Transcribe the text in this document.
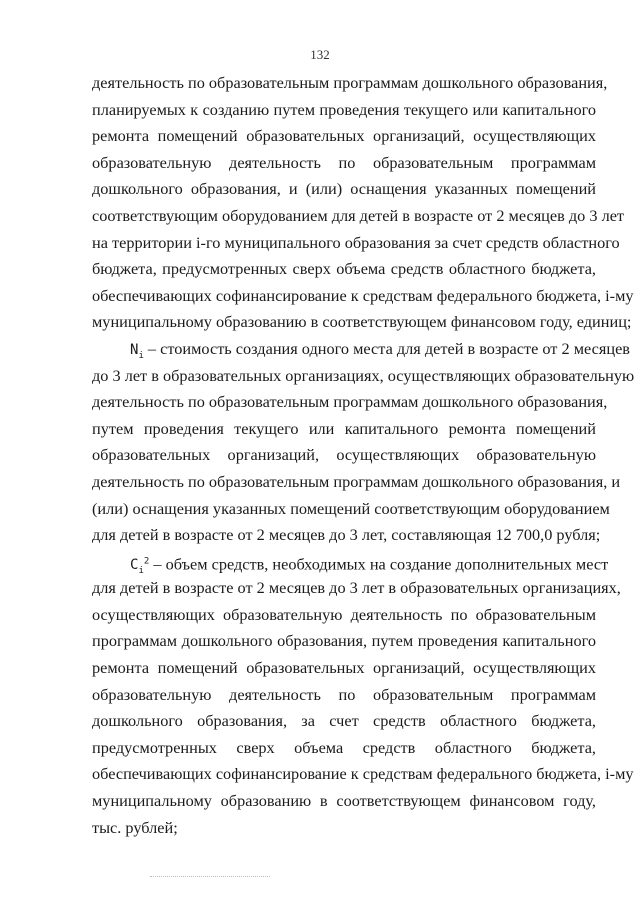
132
деятельность по образовательным программам дошкольного образования,
планируемых к созданию путем проведения текущего или капитального
ремонта помещений образовательных организаций, осуществляющих
образовательную деятельность по образовательным программам
дошкольного образования, и (или) оснащения указанных помещений
соответствующим оборудованием для детей в возрасте от 2 месяцев до 3 лет
на территории i-го муниципального образования за счет средств областного
бюджета, предусмотренных сверх объема средств областного бюджета,
обеспечивающих софинансирование к средствам федерального бюджета, i-му
муниципальному образованию в соответствующем финансовом году, единиц;
$N_i$ – стоимость создания одного места для детей в возрасте от 2 месяцев
до 3 лет в образовательных организациях, осуществляющих образовательную
деятельность по образовательным программам дошкольного образования,
путем проведения текущего или капитального ремонта помещений
образовательных организаций, осуществляющих образовательную
деятельность по образовательным программам дошкольного образования, и
(или) оснащения указанных помещений соответствующим оборудованием
для детей в возрасте от 2 месяцев до 3 лет, составляющая 12 700,0 рубля;
$C_i^2$ – объем средств, необходимых на создание дополнительных мест
для детей в возрасте от 2 месяцев до 3 лет в образовательных организациях,
осуществляющих образовательную деятельность по образовательным
программам дошкольного образования, путем проведения капитального
ремонта помещений образовательных организаций, осуществляющих
образовательную деятельность по образовательным программам
дошкольного образования, за счет средств областного бюджета,
предусмотренных сверх объема средств областного бюджета,
обеспечивающих софинансирование к средствам федерального бюджета, i-му
муниципальному образованию в соответствующем финансовом году,
тыс. рублей;
